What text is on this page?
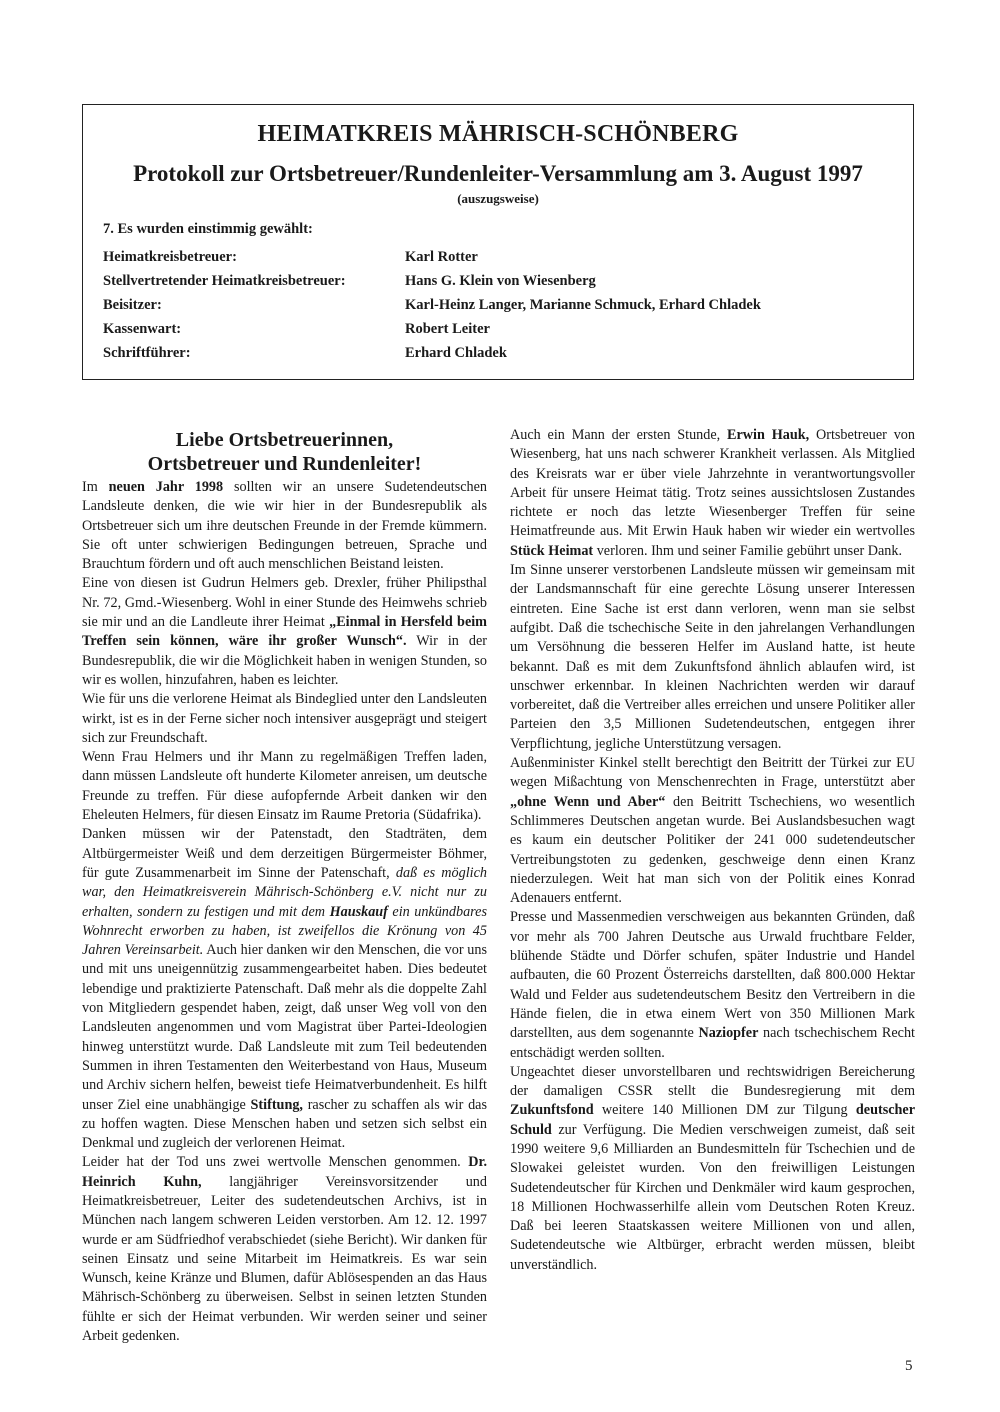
HEIMATKREIS MÄHRISCH-SCHÖNBERG
Protokoll zur Ortsbetreuer/Rundenleiter-Versammlung am 3. August 1997
(auszugsweise)
7. Es wurden einstimmig gewählt:
Heimatkreisbetreuer:	Karl Rotter
Stellvertretender Heimatkreisbetreuer:	Hans G. Klein von Wiesenberg
Beisitzer:	Karl-Heinz Langer, Marianne Schmuck, Erhard Chladek
Kassenwart:	Robert Leiter
Schriftführer:	Erhard Chladek
Liebe Ortsbetreuerinnen,
Ortsbetreuer und Rundenleiter!

Im neuen Jahr 1998 sollten wir an unsere Sudetendeutschen Landsleute denken, die wie wir hier in der Bundesrepublik als Ortsbetreuer sich um ihre deutschen Freunde in der Fremde kümmern. Sie oft unter schwierigen Bedingungen betreuen, Sprache und Brauchtum fördern und oft auch menschlichen Beistand leisten.

Eine von diesen ist Gudrun Helmers geb. Drexler, früher Philipsthal Nr. 72, Gmd.-Wiesenberg. Wohl in einer Stunde des Heimwehs schrieb sie mir und an die Landleute ihrer Heimat „Einmal in Hersfeld beim Treffen sein können, wäre ihr großer Wunsch“. Wir in der Bundesrepublik, die wir die Möglichkeit haben in wenigen Stunden, so wir es wollen, hinzufahren, haben es leichter.

Wie für uns die verlorene Heimat als Bindeglied unter den Landsleuten wirkt, ist es in der Ferne sicher noch intensiver ausgeprägt und steigert sich zur Freundschaft.

Wenn Frau Helmers und ihr Mann zu regelmäßigen Treffen laden, dann müssen Landsleute oft hunderte Kilometer anreisen, um deutsche Freunde zu treffen. Für diese aufopfernde Arbeit danken wir den Eheleuten Helmers, für diesen Einsatz im Raume Pretoria (Südafrika).

Danken müssen wir der Patenstadt, den Stadträten, dem Altbürgermeister Weiß und dem derzeitigen Bürgermeister Böhmer, für gute Zusammenarbeit im Sinne der Patenschaft, daß es möglich war, den Heimatkreisverein Mährisch-Schönberg e.V. nicht nur zu erhalten, sondern zu festigen und mit dem Hauskauf ein unkündbares Wohnrecht erworben zu haben, ist zweifellos die Krönung von 45 Jahren Vereinsarbeit. Auch hier danken wir den Menschen, die vor uns und mit uns uneigennützig zusammengearbeitet haben. Dies bedeutet lebendige und praktizierte Patenschaft. Daß mehr als die doppelte Zahl von Mitgliedern gespendet haben, zeigt, daß unser Weg voll von den Landsleuten angenommen und vom Magistrat über Partei-Ideologien hinweg unterstützt wurde. Daß Landsleute mit zum Teil bedeutenden Summen in ihren Testamenten den Weiterbestand von Haus, Museum und Archiv sichern helfen, beweist tiefe Heimatverbundenheit. Es hilft unser Ziel eine unabhängige Stiftung, rascher zu schaffen als wir das zu hoffen wagten. Diese Menschen haben und setzen sich selbst ein Denkmal und zugleich der verlorenen Heimat.

Leider hat der Tod uns zwei wertvolle Menschen genommen. Dr. Heinrich Kuhn, langjähriger Vereinsvorsitzender und Heimatkreisbetreuer, Leiter des sudetendeutschen Archivs, ist in München nach langem schweren Leiden verstorben. Am 12. 12. 1997 wurde er am Südfriedhof verabschiedet (siehe Bericht). Wir danken für seinen Einsatz und seine Mitarbeit im Heimatkreis. Es war sein Wunsch, keine Kränze und Blumen, dafür Ablösespenden an das Haus Mährisch-Schönberg zu überweisen. Selbst in seinen letzten Stunden fühlte er sich der Heimat verbunden. Wir werden seiner und seiner Arbeit gedenken.

Auch ein Mann der ersten Stunde, Erwin Hauk, Ortsbetreuer von Wiesenberg, hat uns nach schwerer Krankheit verlassen. Als Mitglied des Kreisrats war er über viele Jahrzehnte in verantwortungsvoller Arbeit für unsere Heimat tätig. Trotz seines aussichtslosen Zustandes richtete er noch das letzte Wiesenberger Treffen für seine Heimatfreunde aus. Mit Erwin Hauk haben wir wieder ein wertvolles Stück Heimat verloren. Ihm und seiner Familie gebührt unser Dank.

Im Sinne unserer verstorbenen Landsleute müssen wir gemeinsam mit der Landsmannschaft für eine gerechte Lösung unserer Interessen eintreten. Eine Sache ist erst dann verloren, wenn man sie selbst aufgibt. Daß die tschechische Seite in den jahrelangen Verhandlungen um Versöhnung die besseren Helfer im Ausland hatte, ist heute bekannt. Daß es mit dem Zukunftsfond ähnlich ablaufen wird, ist unschwer erkennbar. In kleinen Nachrichten werden wir darauf vorbereitet, daß die Vertreiber alles erreichen und unsere Politiker aller Parteien den 3,5 Millionen Sudetendeutschen, entgegen ihrer Verpflichtung, jegliche Unterstützung versagen.

Außenminister Kinkel stellt berechtigt den Beitritt der Türkei zur EU wegen Mißachtung von Menschenrechten in Frage, unterstützt aber „ohne Wenn und Aber“ den Beitritt Tschechiens, wo wesentlich Schlimmeres Deutschen angetan wurde. Bei Auslandsbesuchen wagt es kaum ein deutscher Politiker der 241 000 sudetendeutscher Vertreibungstoten zu gedenken, geschweige denn einen Kranz niederzulegen. Weit hat man sich von der Politik eines Konrad Adenauers entfernt.

Presse und Massenmedien verschweigen aus bekannten Gründen, daß vor mehr als 700 Jahren Deutsche aus Urwald fruchtbare Felder, blühende Städte und Dörfer schufen, später Industrie und Handel aufbauten, die 60 Prozent Österreichs darstellten, daß 800.000 Hektar Wald und Felder aus sudetendeutschem Besitz den Vertreibern in die Hände fielen, die in etwa einem Wert von 350 Millionen Mark darstellten, aus dem sogenannte Naziopfer nach tschechischem Recht entschädigt werden sollten.

Ungeachtet dieser unvorstellbaren und rechtswidrigen Bereicherung der damaligen CSSR stellt die Bundesregierung mit dem Zukunftsfond weitere 140 Millionen DM zur Tilgung deutscher Schuld zur Verfügung. Die Medien verschweigen zumeist, daß seit 1990 weitere 9,6 Milliarden an Bundesmitteln für Tschechien und de Slowakei geleistet wurden. Von den freiwilligen Leistungen Sudetendeutscher für Kirchen und Denkmäler wird kaum gesprochen, 18 Millionen Hochwasserhilfe allein vom Deutschen Roten Kreuz. Daß bei leeren Staatskassen weitere Millionen von und allen, Sudetendeutsche wie Altbürger, erbracht werden müssen, bleibt unverständlich.

5
